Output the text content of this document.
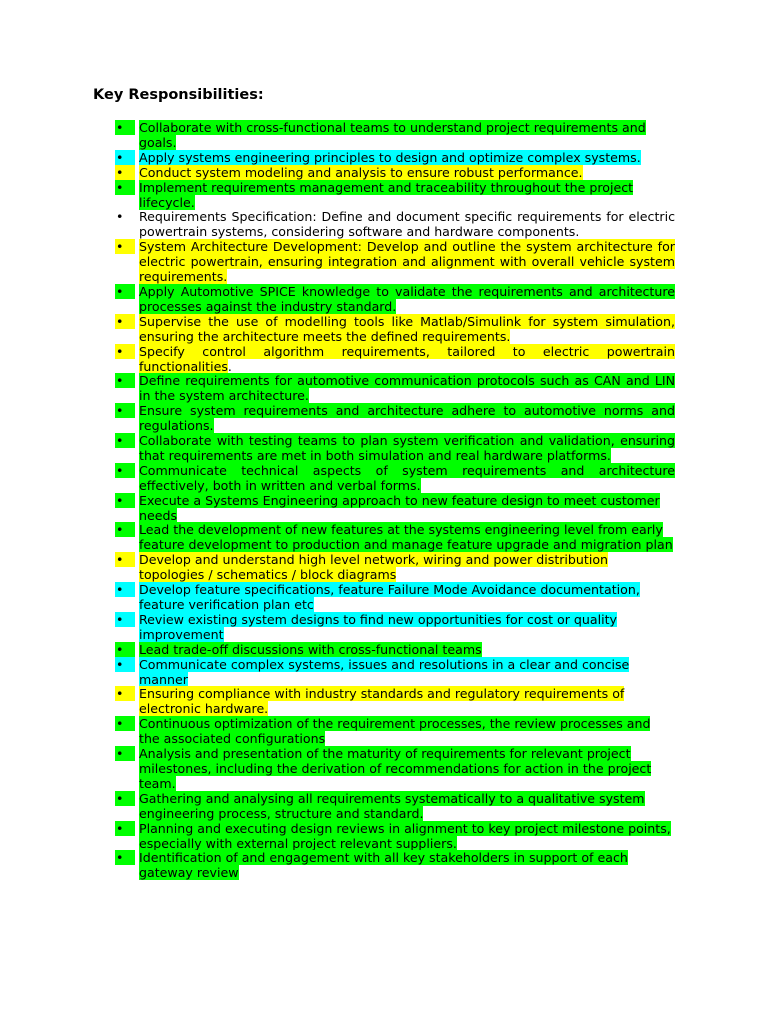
Key Responsibilities:
•	Collaborate with cross-functional teams to understand project requirements and goals.
•	Apply systems engineering principles to design and optimize complex systems.
•	Conduct system modeling and analysis to ensure robust performance.
•	Implement requirements management and traceability throughout the project lifecycle.
•	Requirements Specification: Define and document specific requirements for electric powertrain systems, considering software and hardware components.
•	System Architecture Development: Develop and outline the system architecture for electric powertrain, ensuring integration and alignment with overall vehicle system requirements.
•	Apply Automotive SPICE knowledge to validate the requirements and architecture processes against the industry standard.
•	Supervise the use of modelling tools like Matlab/Simulink for system simulation, ensuring the architecture meets the defined requirements.
•	Specify control algorithm requirements, tailored to electric powertrain functionalities.
•	Define requirements for automotive communication protocols such as CAN and LIN in the system architecture.
•	Ensure system requirements and architecture adhere to automotive norms and regulations.
•	Collaborate with testing teams to plan system verification and validation, ensuring that requirements are met in both simulation and real hardware platforms.
•	Communicate technical aspects of system requirements and architecture effectively, both in written and verbal forms.
•	Execute a Systems Engineering approach to new feature design to meet customer needs
•	Lead the development of new features at the systems engineering level from early feature development to production and manage feature upgrade and migration plan
•	Develop and understand high level network, wiring and power distribution topologies / schematics / block diagrams
•	Develop feature specifications, feature Failure Mode Avoidance documentation, feature verification plan etc
•	Review existing system designs to find new opportunities for cost or quality improvement
•	Lead trade-off discussions with cross-functional teams
•	Communicate complex systems, issues and resolutions in a clear and concise manner
•	Ensuring compliance with industry standards and regulatory requirements of electronic hardware.
•	Continuous optimization of the requirement processes, the review processes and the associated configurations
•	Analysis and presentation of the maturity of requirements for relevant project milestones, including the derivation of recommendations for action in the project team.
•	Gathering and analysing all requirements systematically to a qualitative system engineering process, structure and standard.
•	Planning and executing design reviews in alignment to key project milestone points, especially with external project relevant suppliers.
•	Identification of and engagement with all key stakeholders in support of each gateway review
